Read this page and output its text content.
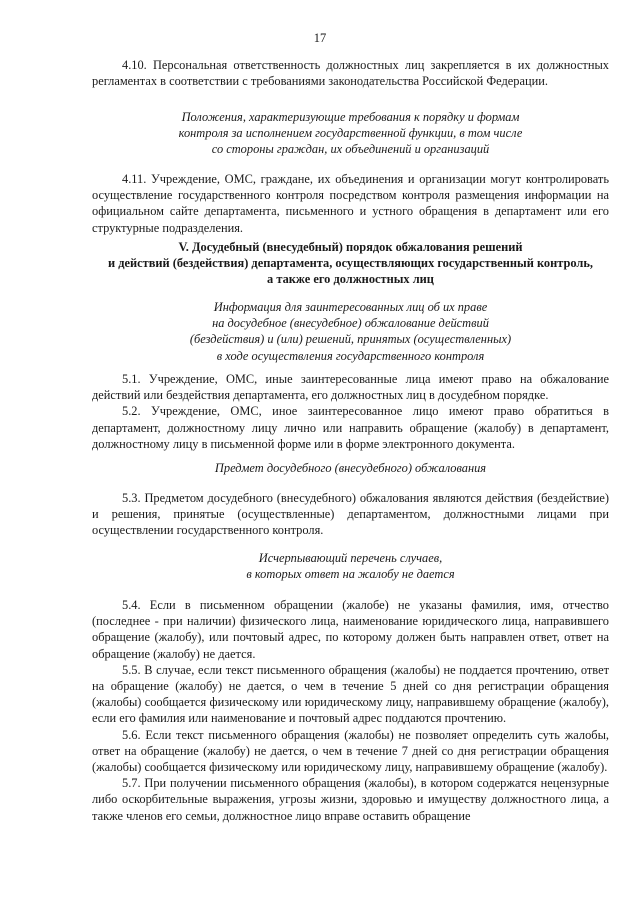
17

4.10. Персональная ответственность должностных лиц закрепляется в их должностных регламентах в соответствии с требованиями законодательства Российской Федерации.

Положения, характеризующие требования к порядку и формам
контроля за исполнением государственной функции, в том числе
со стороны граждан, их объединений и организаций

4.11. Учреждение, ОМС, граждане, их объединения и организации могут контролировать осуществление государственного контроля посредством контроля размещения информации на официальном сайте департамента, письменного и устного обращения в департамент или его структурные подразделения.

V. Досудебный (внесудебный) порядок обжалования решений
и действий (бездействия) департамента, осуществляющих государственный контроль,
а также его должностных лиц
Информация для заинтересованных лиц об их праве
на досудебное (внесудебное) обжалование действий
(бездействия) и (или) решений, принятых (осуществленных)
в ходе осуществления государственного контроля

5.1. Учреждение, ОМС, иные заинтересованные лица имеют право на обжалование действий или бездействия департамента, его должностных лиц в досудебном порядке.

5.2. Учреждение, ОМС, иное заинтересованное лицо имеют право обратиться в департамент, должностному лицу лично или направить обращение (жалобу) в департамент, должностному лицу в письменной форме или в форме электронного документа.

Предмет досудебного (внесудебного) обжалования

5.3. Предметом досудебного (внесудебного) обжалования являются действия (бездействие) и решения, принятые (осуществленные) департаментом, должностными лицами при осуществлении государственного контроля.

Исчерпывающий перечень случаев,
в которых ответ на жалобу не дается

5.4. Если в письменном обращении (жалобе) не указаны фамилия, имя, отчество (последнее - при наличии) физического лица, наименование юридического лица, направившего обращение (жалобу), или почтовый адрес, по которому должен быть направлен ответ, ответ на обращение (жалобу) не дается.

5.5. В случае, если текст письменного обращения (жалобы) не поддается прочтению, ответ на обращение (жалобу) не дается, о чем в течение 5 дней со дня регистрации обращения (жалобы) сообщается физическому или юридическому лицу, направившему обращение (жалобу), если его фамилия или наименование и почтовый адрес поддаются прочтению.

5.6. Если текст письменного обращения (жалобы) не позволяет определить суть жалобы, ответ на обращение (жалобу) не дается, о чем в течение 7 дней со дня регистрации обращения (жалобы) сообщается физическому или юридическому лицу, направившему обращение (жалобу).

5.7. При получении письменного обращения (жалобы), в котором содержатся нецензурные либо оскорбительные выражения, угрозы жизни, здоровью и имуществу должностного лица, а также членов его семьи, должностное лицо вправе оставить обращение
